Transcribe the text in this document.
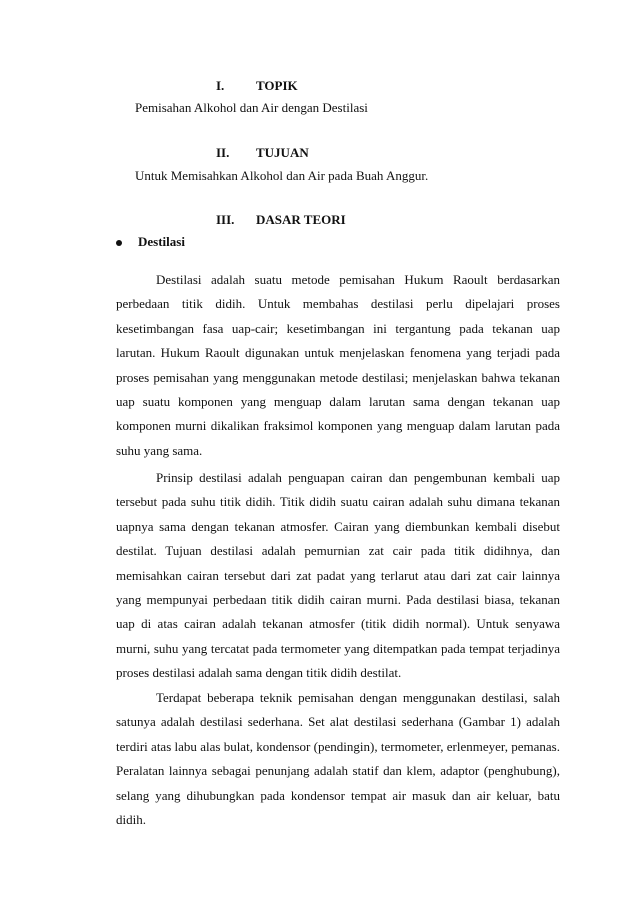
I. TOPIK
Pemisahan Alkohol dan Air dengan Destilasi
II. TUJUAN
Untuk Memisahkan Alkohol dan Air pada Buah Anggur.
III. DASAR TEORI
Destilasi
Destilasi adalah suatu metode pemisahan Hukum Raoult berdasarkan perbedaan titik didih. Untuk membahas destilasi perlu dipelajari proses kesetimbangan fasa uap-cair; kesetimbangan ini tergantung pada tekanan uap larutan. Hukum Raoult digunakan untuk menjelaskan fenomena yang terjadi pada proses pemisahan yang menggunakan metode destilasi; menjelaskan bahwa tekanan uap suatu komponen yang menguap dalam larutan sama dengan tekanan uap komponen murni dikalikan fraksimol komponen yang menguap dalam larutan pada suhu yang sama.
Prinsip destilasi adalah penguapan cairan dan pengembunan kembali uap tersebut pada suhu titik didih. Titik didih suatu cairan adalah suhu dimana tekanan uapnya sama dengan tekanan atmosfer. Cairan yang diembunkan kembali disebut destilat. Tujuan destilasi adalah pemurnian zat cair pada titik didihnya, dan memisahkan cairan tersebut dari zat padat yang terlarut atau dari zat cair lainnya yang mempunyai perbedaan titik didih cairan murni. Pada destilasi biasa, tekanan uap di atas cairan adalah tekanan atmosfer (titik didih normal). Untuk senyawa murni, suhu yang tercatat pada termometer yang ditempatkan pada tempat terjadinya proses destilasi adalah sama dengan titik didih destilat.
Terdapat beberapa teknik pemisahan dengan menggunakan destilasi, salah satunya adalah destilasi sederhana. Set alat destilasi sederhana (Gambar 1) adalah terdiri atas labu alas bulat, kondensor (pendingin), termometer, erlenmeyer, pemanas. Peralatan lainnya sebagai penunjang adalah statif dan klem, adaptor (penghubung), selang yang dihubungkan pada kondensor tempat air masuk dan air keluar, batu didih.
